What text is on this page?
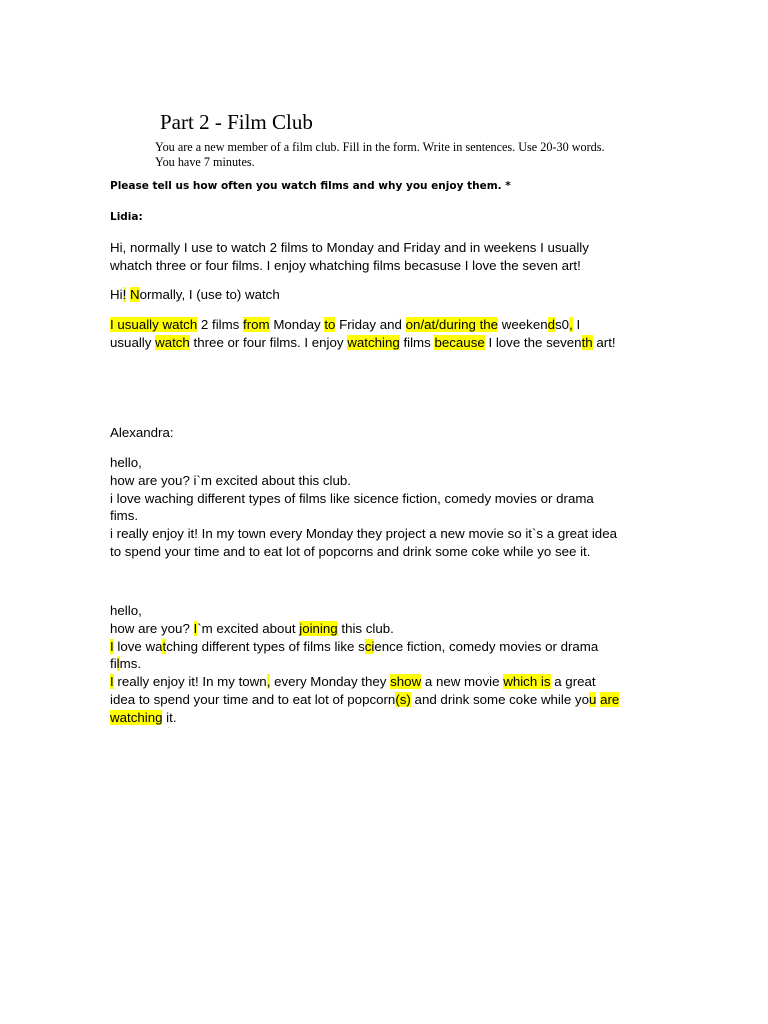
Part 2 - Film Club
You are a new member of a film club. Fill in the form. Write in sentences. Use 20-30 words.
You have 7 minutes.
Please tell us how often you watch films and why you enjoy them. *
Lidia:
Hi, normally I use to watch 2 films to Monday and Friday and in weekens I usually
whatch three or four films. I enjoy whatching films becasuse I love the seven art!
Hi! Normally, I (use to) watch
I usually watch 2 films from Monday to Friday and on/at/during the weekends0, I
usually watch three or four films. I enjoy watching films because I love the seventh art!
Alexandra:
hello,
how are you? i`m excited about this club.
i love waching different types of films like sicence fiction, comedy movies or drama
fims.
i really enjoy it! In my town every Monday they project a new movie so it`s a great idea
to spend your time and to eat lot of popcorns and drink some coke while yo see it.
hello,
how are you? I`m excited about joining this club.
I love watching different types of films like science fiction, comedy movies or drama
films.
I really enjoy it! In my town, every Monday they show a new movie which is a great
idea to spend your time and to eat lot of popcorn(s) and drink some coke while you are
watching it.
